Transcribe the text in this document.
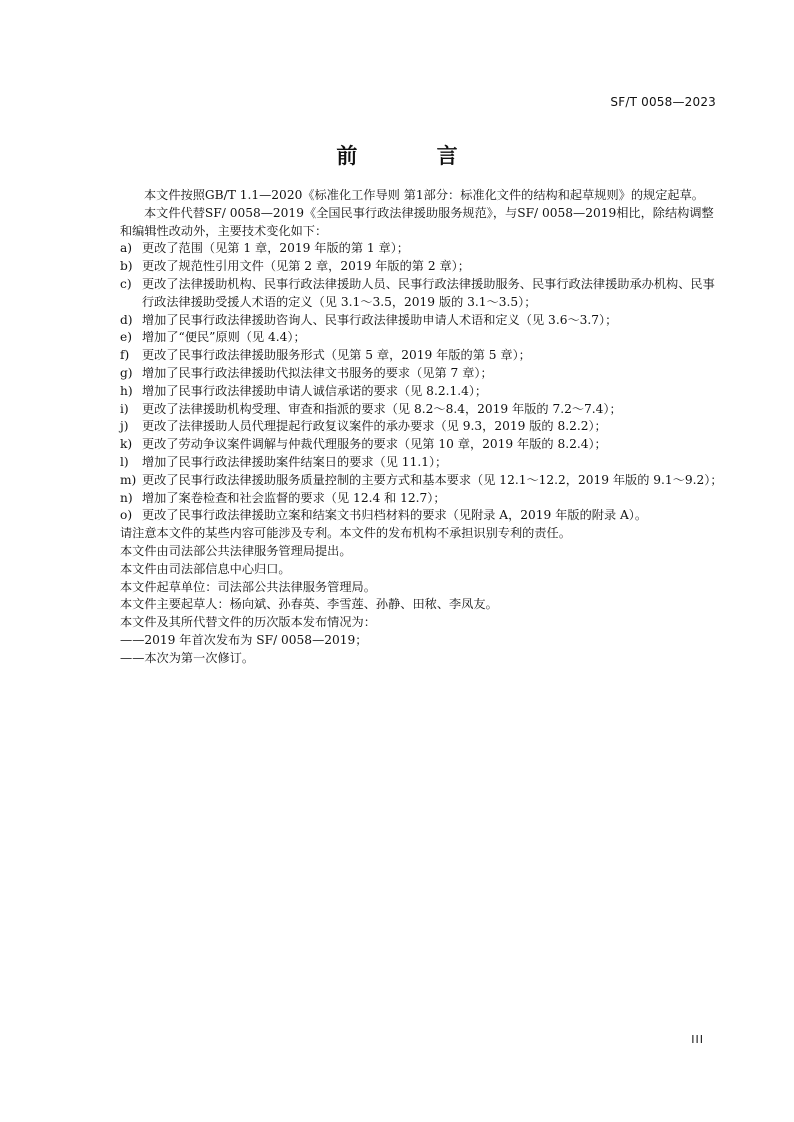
SF/T 0058—2023
前 言

本文件按照GB/T 1.1—2020《标准化工作导则 第1部分：标准化文件的结构和起草规则》的规定起草。

本文件代替SF/ 0058—2019《全国民事行政法律援助服务规范》，与SF/ 0058—2019相比，除结构调整和编辑性改动外，主要技术变化如下：

a) 更改了范围（见第 1 章，2019 年版的第 1 章）；
b) 更改了规范性引用文件（见第 2 章，2019 年版的第 2 章）；
c) 更改了法律援助机构、民事行政法律援助人员、民事行政法律援助服务、民事行政法律援助承办机构、民事行政法律援助受援人术语的定义（见 3.1～3.5，2019 版的 3.1～3.5）；
d) 增加了民事行政法律援助咨询人、民事行政法律援助申请人术语和定义（见 3.6～3.7）；
e) 增加了“便民”原则（见 4.4）；
f)	更改了民事行政法律援助服务形式（见第 5 章，2019 年版的第 5 章）；
g) 增加了民事行政法律援助代拟法律文书服务的要求（见第 7 章）；
h) 增加了民事行政法律援助申请人诚信承诺的要求（见 8.2.1.4）；
i)	更改了法律援助机构受理、审查和指派的要求（见 8.2～8.4，2019 年版的 7.2～7.4）；
j)	更改了法律援助人员代理提起行政复议案件的承办要求（见 9.3，2019 版的 8.2.2）；
k) 更改了劳动争议案件调解与仲裁代理服务的要求（见第 10 章，2019 年版的 8.2.4）；
l)	增加了民事行政法律援助案件结案日的要求（见 11.1）；
m) 更改了民事行政法律援助服务质量控制的主要方式和基本要求（见 12.1～12.2，2019 年版的 9.1～9.2）；
n) 增加了案卷检查和社会监督的要求（见 12.4 和 12.7）；
o) 更改了民事行政法律援助立案和结案文书归档材料的要求（见附录 A，2019 年版的附录 A）。

请注意本文件的某些内容可能涉及专利。本文件的发布机构不承担识别专利的责任。

本文件由司法部公共法律服务管理局提出。

本文件由司法部信息中心归口。

本文件起草单位：司法部公共法律服务管理局。

本文件主要起草人：杨向斌、孙春英、李雪莲、孙静、田秾、李凤友。

本文件及其所代替文件的历次版本发布情况为：

——2019 年首次发布为 SF/ 0058—2019；

——本次为第一次修订。

III
